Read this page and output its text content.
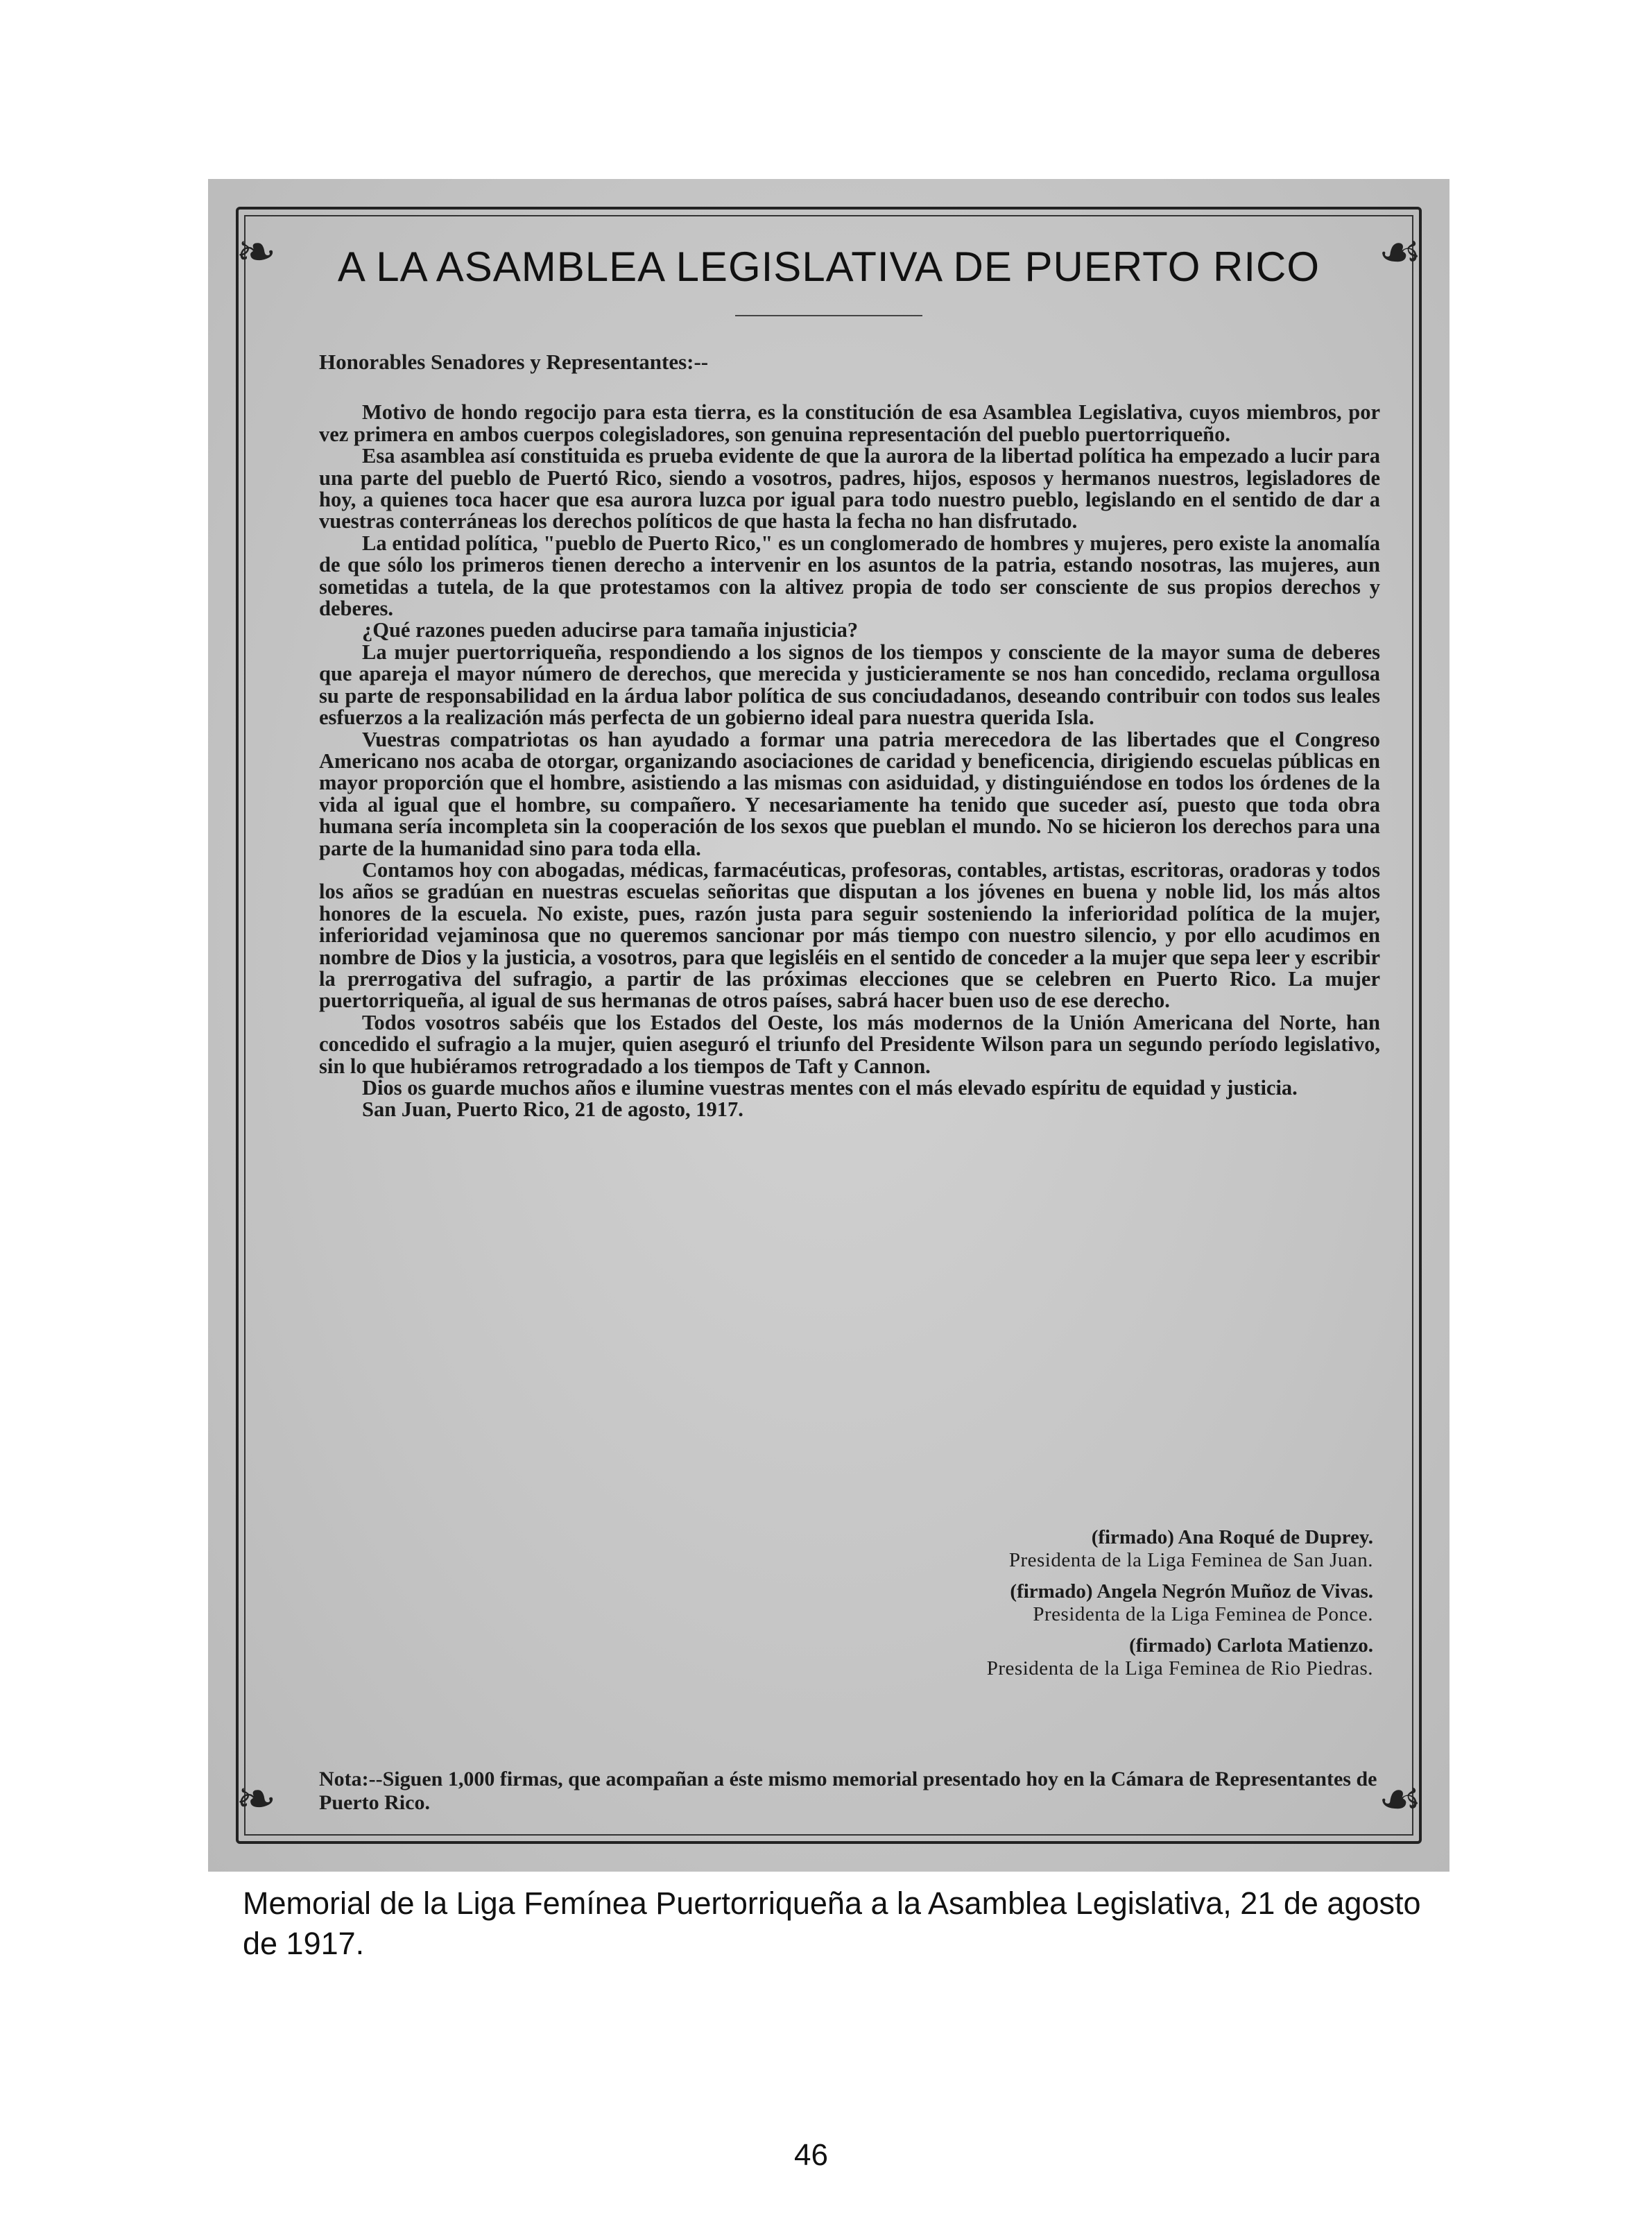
❧	☙
❧	☙
A LA ASAMBLEA LEGISLATIVA DE PUERTO RICO

Honorables Senadores y Representantes:--

Motivo de hondo regocijo para esta tierra, es la constitución de esa Asamblea Legislativa, cuyos miembros, por vez primera en ambos cuerpos colegisladores, son genuina representación del pueblo puertorriqueño.

Esa asamblea así constituida es prueba evidente de que la aurora de la libertad política ha empezado a lucir para una parte del pueblo de Puertó Rico, siendo a vosotros, padres, hijos, esposos y hermanos nuestros, legisladores de hoy, a quienes toca hacer que esa aurora luzca por igual para todo nuestro pueblo, legislando en el sentido de dar a vuestras conterráneas los derechos políticos de que hasta la fecha no han disfrutado.

La entidad política, "pueblo de Puerto Rico," es un conglomerado de hombres y mujeres, pero existe la anomalía de que sólo los primeros tienen derecho a intervenir en los asuntos de la patria, estando nosotras, las mujeres, aun sometidas a tutela, de la que protestamos con la altivez propia de todo ser consciente de sus propios derechos y deberes.

¿Qué razones pueden aducirse para tamaña injusticia?

La mujer puertorriqueña, respondiendo a los signos de los tiempos y consciente de la mayor suma de deberes que apareja el mayor número de derechos, que merecida y justicieramente se nos han concedido, reclama orgullosa su parte de responsabilidad en la árdua labor política de sus conciudadanos, deseando contribuir con todos sus leales esfuerzos a la realización más perfecta de un gobierno ideal para nuestra querida Isla.

Vuestras compatriotas os han ayudado a formar una patria merecedora de las libertades que el Congreso Americano nos acaba de otorgar, organizando asociaciones de caridad y beneficencia, dirigiendo escuelas públicas en mayor proporción que el hombre, asistiendo a las mismas con asiduidad, y distinguiéndose en todos los órdenes de la vida al igual que el hombre, su compañero. Y necesariamente ha tenido que suceder así, puesto que toda obra humana sería incompleta sin la cooperación de los sexos que pueblan el mundo. No se hicieron los derechos para una parte de la humanidad sino para toda ella.

Contamos hoy con abogadas, médicas, farmacéuticas, profesoras, contables, artistas, escritoras, oradoras y todos los años se gradúan en nuestras escuelas señoritas que disputan a los jóvenes en buena y noble lid, los más altos honores de la escuela. No existe, pues, razón justa para seguir sosteniendo la inferioridad política de la mujer, inferioridad vejaminosa que no queremos sancionar por más tiempo con nuestro silencio, y por ello acudimos en nombre de Dios y la justicia, a vosotros, para que legisléis en el sentido de conceder a la mujer que sepa leer y escribir la prerrogativa del sufragio, a partir de las próximas elecciones que se celebren en Puerto Rico. La mujer puertorriqueña, al igual de sus hermanas de otros países, sabrá hacer buen uso de ese derecho.

Todos vosotros sabéis que los Estados del Oeste, los más modernos de la Unión Americana del Norte, han concedido el sufragio a la mujer, quien aseguró el triunfo del Presidente Wilson para un segundo período legislativo, sin lo que hubiéramos retrogradado a los tiempos de Taft y Cannon.

Dios os guarde muchos años e ilumine vuestras mentes con el más elevado espíritu de equidad y justicia.

San Juan, Puerto Rico, 21 de agosto, 1917.

(firmado) Ana Roqué de Duprey.
Presidenta de la Liga Feminea de San Juan.
(firmado) Angela Negrón Muñoz de Vivas.
Presidenta de la Liga Feminea de Ponce.
(firmado) Carlota Matienzo.
Presidenta de la Liga Feminea de Rio Piedras.
Nota:--Siguen 1,000 firmas, que acompañan a éste mismo memorial presentado hoy en la Cámara de Representantes de Puerto Rico.
Memorial de la Liga Femínea Puertorriqueña a la Asamblea Legislativa, 21 de agosto de 1917.
46
